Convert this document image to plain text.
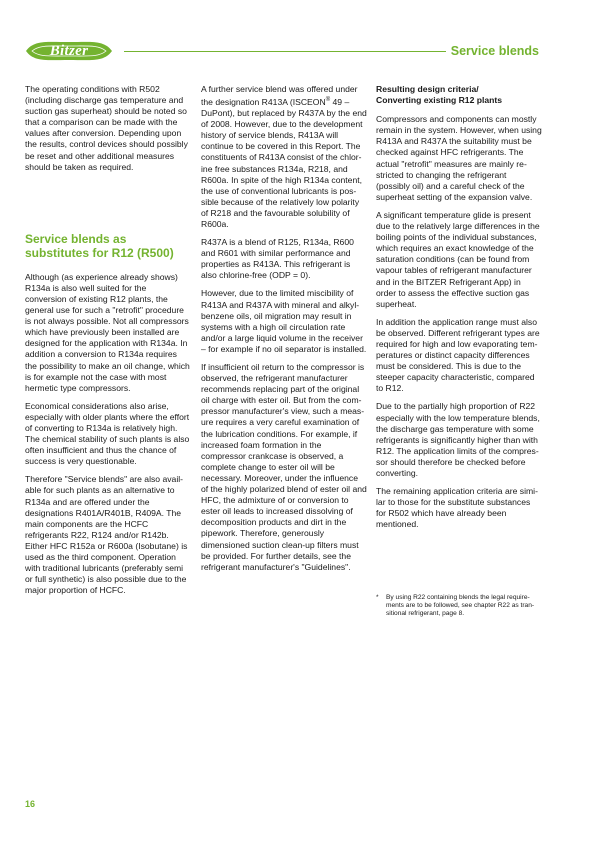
Bitzer	Service blends

The operating conditions with R502 (including discharge gas temperature and suction gas superheat) should be noted so that a comparison can be made with the values after conversion. Depending upon the results, control devices should possibly be reset and other additional measures should be taken as required.

Service blends as
substitutes for R12 (R500)

Although (as experience already shows) R134a is also well suited for the conversion of existing R12 plants, the general use for such a "retrofit" procedure is not always possible. Not all compressors which have previously been installed are designed for the application with R134a. In addition a conversion to R134a requires the possibility to make an oil change, which is for example not the case with most hermetic type compressors.

Economical considerations also arise, especially with older plants where the effort of converting to R134a is relatively high. The chemical stability of such plants is also often insufficient and thus the chance of success is very questionable.

Therefore "Service blends" are also available for such plants as an alternative to R134a and are offered under the designations R401A/R401B, R409A. The main components are the HCFC refrigerants R22, R124 and/or R142b. Either HFC R152a or R600a (Isobutane) is used as the third component. Operation with traditional lubricants (preferably semi or full synthetic) is also possible due to the major proportion of HCFC.

A further service blend was offered under the designation R413A (ISCEON® 49 – DuPont), but replaced by R437A by the end of 2008. However, due to the development history of service blends, R413A will continue to be covered in this Report. The constituents of R413A consist of the chlorine free substances R134a, R218, and R600a. In spite of the high R134a content, the use of conventional lubricants is possible because of the relatively low polarity of R218 and the favourable solubility of R600a.

R437A is a blend of R125, R134a, R600 and R601 with similar performance and properties as R413A. This refrigerant is also chlorine-free (ODP = 0).

However, due to the limited miscibility of R413A and R437A with mineral and alkylbenzene oils, oil migration may result in systems with a high oil circulation rate and/or a large liquid volume in the receiver – for example if no oil separator is installed.

If insufficient oil return to the compressor is observed, the refrigerant manufacturer recommends replacing part of the original oil charge with ester oil. But from the compressor manufacturer's view, such a measure requires a very careful examination of the lubrication conditions. For example, if increased foam formation in the compressor crankcase is observed, a complete change to ester oil will be necessary. Moreover, under the influence of the highly polarized blend of ester oil and HFC, the admixture of or conversion to ester oil leads to increased dissolving of decomposition products and dirt in the pipework. Therefore, generously dimensioned suction clean-up filters must be provided. For further details, see the refrigerant manufacturer's "Guidelines".

Resulting design criteria/
Converting existing R12 plants

Compressors and components can mostly remain in the system. However, when using R413A and R437A the suitability must be checked against HFC refrigerants. The actual "retrofit" measures are mainly restricted to changing the refrigerant (possibly oil) and a careful check of the superheat setting of the expansion valve.

A significant temperature glide is present due to the relatively large differences in the boiling points of the individual substances, which requires an exact knowledge of the saturation conditions (can be found from vapour tables of refrigerant manufacturer and in the BITZER Refrigerant App) in order to assess the effective suction gas superheat.

In addition the application range must also be observed. Different refrigerant types are required for high and low evaporating temperatures or distinct capacity differences must be considered. This is due to the steeper capacity characteristic, compared to R12.

Due to the partially high proportion of R22 especially with the low temperature blends, the discharge gas temperature with some refrigerants is significantly higher than with R12. The application limits of the compressor should therefore be checked before converting.

The remaining application criteria are similar to those for the substitute substances for R502 which have already been mentioned.

*	By using R22 containing blends the legal requirements are to be followed, see chapter R22 as transitional refrigerant, page 8.
16
